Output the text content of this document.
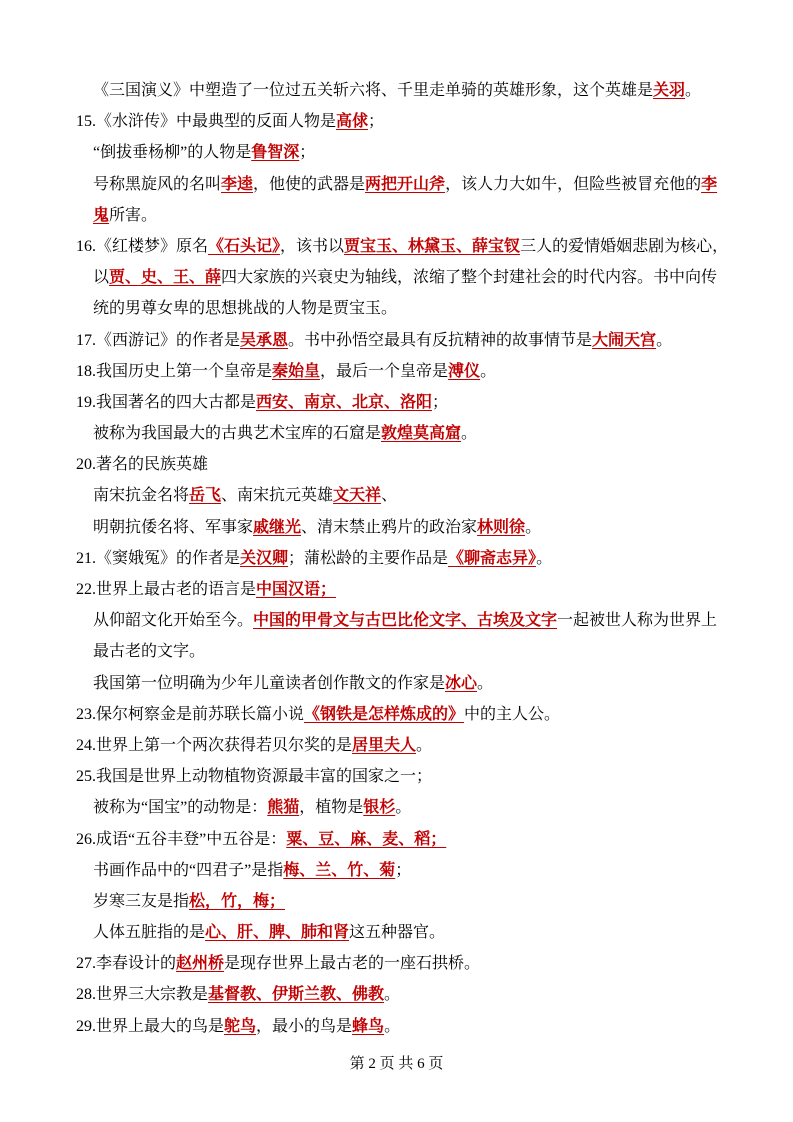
《三国演义》中塑造了一位过五关斩六将、千里走单骑的英雄形象，这个英雄是关羽。
15.《水浒传》中最典型的反面人物是高俅；
“倒拔垂杨柳”的人物是鲁智深；
号称黑旋风的名叫李逵，他使的武器是两把开山斧，该人力大如牛，但险些被冒充他的李
鬼所害。
16.《红楼梦》原名《石头记》，该书以贾宝玉、林黛玉、薛宝钗三人的爱情婚姻悲剧为核心，
以贾、史、王、薛四大家族的兴衰史为轴线，浓缩了整个封建社会的时代内容。书中向传
统的男尊女卑的思想挑战的人物是贾宝玉。
17.《西游记》的作者是吴承恩。书中孙悟空最具有反抗精神的故事情节是大闹天宫。
18.我国历史上第一个皇帝是秦始皇，最后一个皇帝是溥仪。
19.我国著名的四大古都是西安、南京、北京、洛阳；
被称为我国最大的古典艺术宝库的石窟是敦煌莫高窟。
20.著名的民族英雄
南宋抗金名将岳飞、南宋抗元英雄文天祥、
明朝抗倭名将、军事家戚继光、清末禁止鸦片的政治家林则徐。
21.《窦娥冤》的作者是关汉卿；蒲松龄的主要作品是《聊斋志异》。
22.世界上最古老的语言是中国汉语；
从仰韶文化开始至今。中国的甲骨文与古巴比伦文字、古埃及文字一起被世人称为世界上
最古老的文字。
我国第一位明确为少年儿童读者创作散文的作家是冰心。
23.保尔柯察金是前苏联长篇小说《钢铁是怎样炼成的》中的主人公。
24.世界上第一个两次获得若贝尔奖的是居里夫人。
25.我国是世界上动物植物资源最丰富的国家之一；
被称为“国宝”的动物是：熊猫，植物是银杉。
26.成语“五谷丰登”中五谷是：粟、豆、麻、麦、稻；
书画作品中的“四君子”是指梅、兰、竹、菊；
岁寒三友是指松，竹，梅；
人体五脏指的是心、肝、脾、肺和肾这五种器官。
27.李春设计的赵州桥是现存世界上最古老的一座石拱桥。
28.世界三大宗教是基督教、伊斯兰教、佛教。
29.世界上最大的鸟是鸵鸟，最小的鸟是蜂鸟。
第 2 页 共 6 页
